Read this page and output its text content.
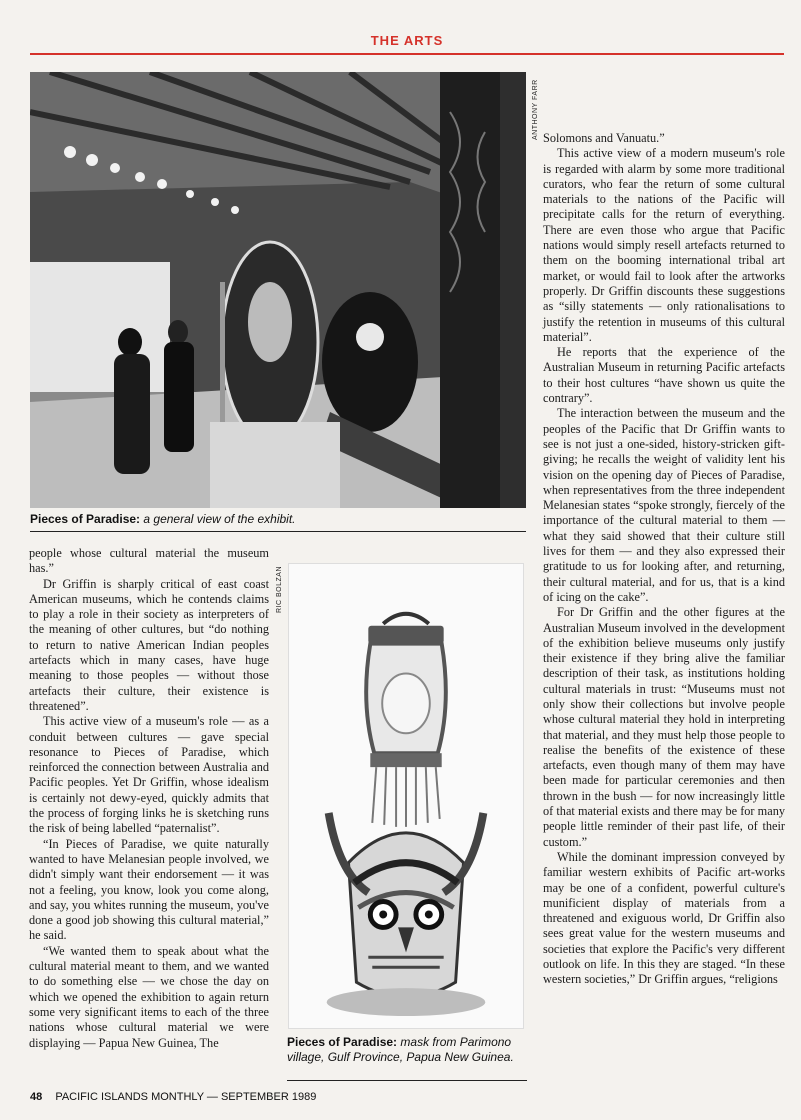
THE ARTS
ANTHONY FARR
Pieces of Paradise: a general view of the exhibit.
RIC BOLZAN
Pieces of Paradise: mask from Parimono village, Gulf Province, Papua New Guinea.

people whose cultural material the museum has.”

Dr Griffin is sharply critical of east coast American museums, which he contends claims to play a role in their society as interpreters of the meaning of other cultures, but “do nothing to return to native American Indian peoples artefacts which in many cases, have huge meaning to those peoples — without those artefacts their culture, their existence is threatened”.

This active view of a museum's role — as a conduit between cultures — gave special resonance to Pieces of Paradise, which reinforced the connection between Australia and Pacific peoples. Yet Dr Griffin, whose idealism is certainly not dewy-eyed, quickly admits that the process of forging links he is sketching runs the risk of being labelled “paternalist”.

“In Pieces of Paradise, we quite naturally wanted to have Melanesian people involved, we didn't simply want their endorsement — it was not a feeling, you know, look you come along, and say, you whites running the museum, you've done a good job showing this cultural material,” he said.

“We wanted them to speak about what the cultural material meant to them, and we wanted to do something else — we chose the day on which we opened the exhibition to again return some very significant items to each of the three nations whose cultural material we were displaying — Papua New Guinea, The

Solomons and Vanuatu.”

This active view of a modern museum's role is regarded with alarm by some more traditional curators, who fear the return of some cultural materials to the nations of the Pacific will precipitate calls for the return of everything. There are even those who argue that Pacific nations would simply resell artefacts returned to them on the booming international tribal art market, or would fail to look after the artworks properly. Dr Griffin discounts these suggestions as “silly statements — only rationalisations to justify the retention in museums of this cultural material”.

He reports that the experience of the Australian Museum in returning Pacific artefacts to their host cultures “have shown us quite the contrary”.

The interaction between the museum and the peoples of the Pacific that Dr Griffin wants to see is not just a one-sided, history-stricken gift-giving; he recalls the weight of validity lent his vision on the opening day of Pieces of Paradise, when representatives from the three independent Melanesian states “spoke strongly, fiercely of the importance of the cultural material to them — what they said showed that their culture still lives for them — and they also expressed their gratitude to us for looking after, and returning, their cultural material, and for us, that is a kind of icing on the cake”.

For Dr Griffin and the other figures at the Australian Museum involved in the development of the exhibition believe museums only justify their existence if they bring alive the familiar description of their task, as institutions holding cultural materials in trust: “Museums must not only show their collections but involve people whose cultural material they hold in interpreting that material, and they must help those people to realise the benefits of the existence of these artefacts, even though many of them may have been made for particular ceremonies and then thrown in the bush — for now increasingly little of that material exists and there may be for many people little reminder of their past life, of their custom.”

While the dominant impression conveyed by familiar western exhibits of Pacific art-works may be one of a confident, powerful culture's munificient display of materials from a threatened and exiguous world, Dr Griffin also sees great value for the western museums and societies that explore the Pacific's very different outlook on life. In this they are staged. “In these western societies,” Dr Griffin argues, “religions

48 PACIFIC ISLANDS MONTHLY — SEPTEMBER 1989
